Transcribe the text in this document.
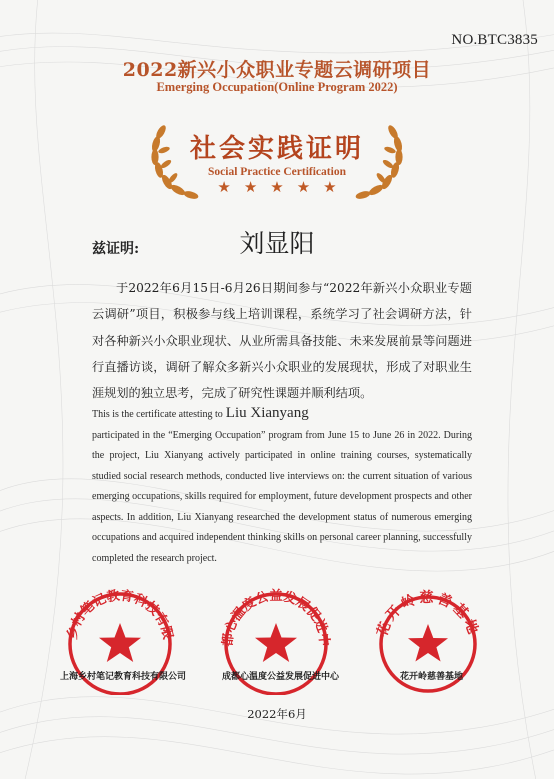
NO.BTC3835
2022新兴小众职业专题云调研项目
Emerging Occupation(Online Program 2022)
社会实践证明
Social Practice Certification
★★★★★
兹证明:	刘显阳
于2022年6月15日-6月26日期间参与“2022年新兴小众职业专题云调研”项目，积极参与线上培训课程，系统学习了社会调研方法，针对各种新兴小众职业现状、从业所需具备技能、未来发展前景等问题进行直播访谈，调研了解众多新兴小众职业的发展现状，形成了对职业生涯规划的独立思考，完成了研究性课题并顺利结项。
This is the certificate attesting to Liu Xianyang
participated in the “Emerging Occupation” program from June 15 to June 26 in 2022. During the project, Liu Xianyang actively participated in online training courses, systematically studied social research methods, conducted live interviews on: the current situation of various emerging occupations, skills required for employment, future development prospects and other aspects. In addition, Liu Xianyang researched the development status of numerous emerging occupations and acquired independent thinking skills on personal career planning, successfully completed the research project.
乡村笔记教育科技有限	都心温度公益发展促进中
花开岭慈善基地
上海乡村笔记教育科技有限公司	成都心温度公益发展促进中心	花开岭慈善基地
2022年6月
